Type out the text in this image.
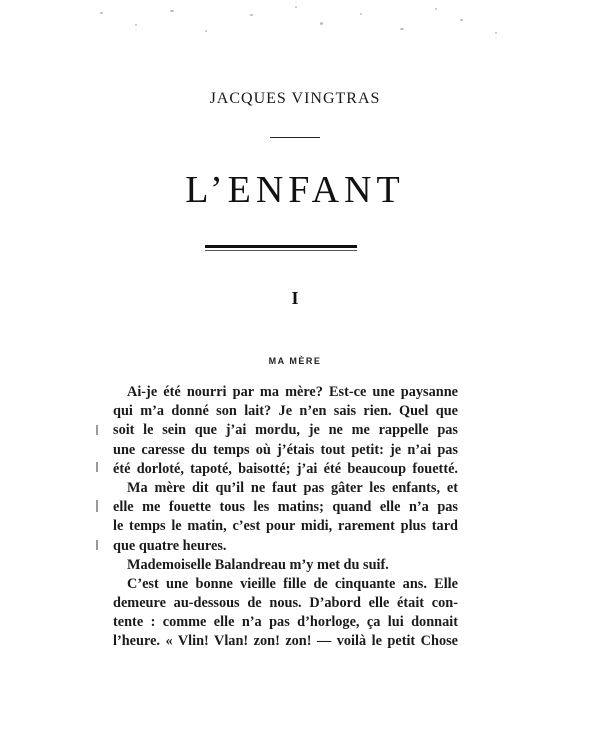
JACQUES VINGTRAS
L’ENFANT
I
MA MÈRE
Ai-je été nourri par ma mère? Est-ce une paysanne
qui m’a donné son lait? Je n’en sais rien. Quel que
soit le sein que j’ai mordu, je ne me rappelle pas
une caresse du temps où j’étais tout petit: je n’ai pas
été dorloté, tapoté, baisotté; j’ai été beaucoup fouetté.
Ma mère dit qu’il ne faut pas gâter les enfants, et
elle me fouette tous les matins; quand elle n’a pas
le temps le matin, c’est pour midi, rarement plus tard
que quatre heures.
Mademoiselle Balandreau m’y met du suif.
C’est une bonne vieille fille de cinquante ans. Elle
demeure au-dessous de nous. D’abord elle était con-
tente : comme elle n’a pas d’horloge, ça lui donnait
l’heure. « Vlin! Vlan! zon! zon! — voilà le petit Chose
